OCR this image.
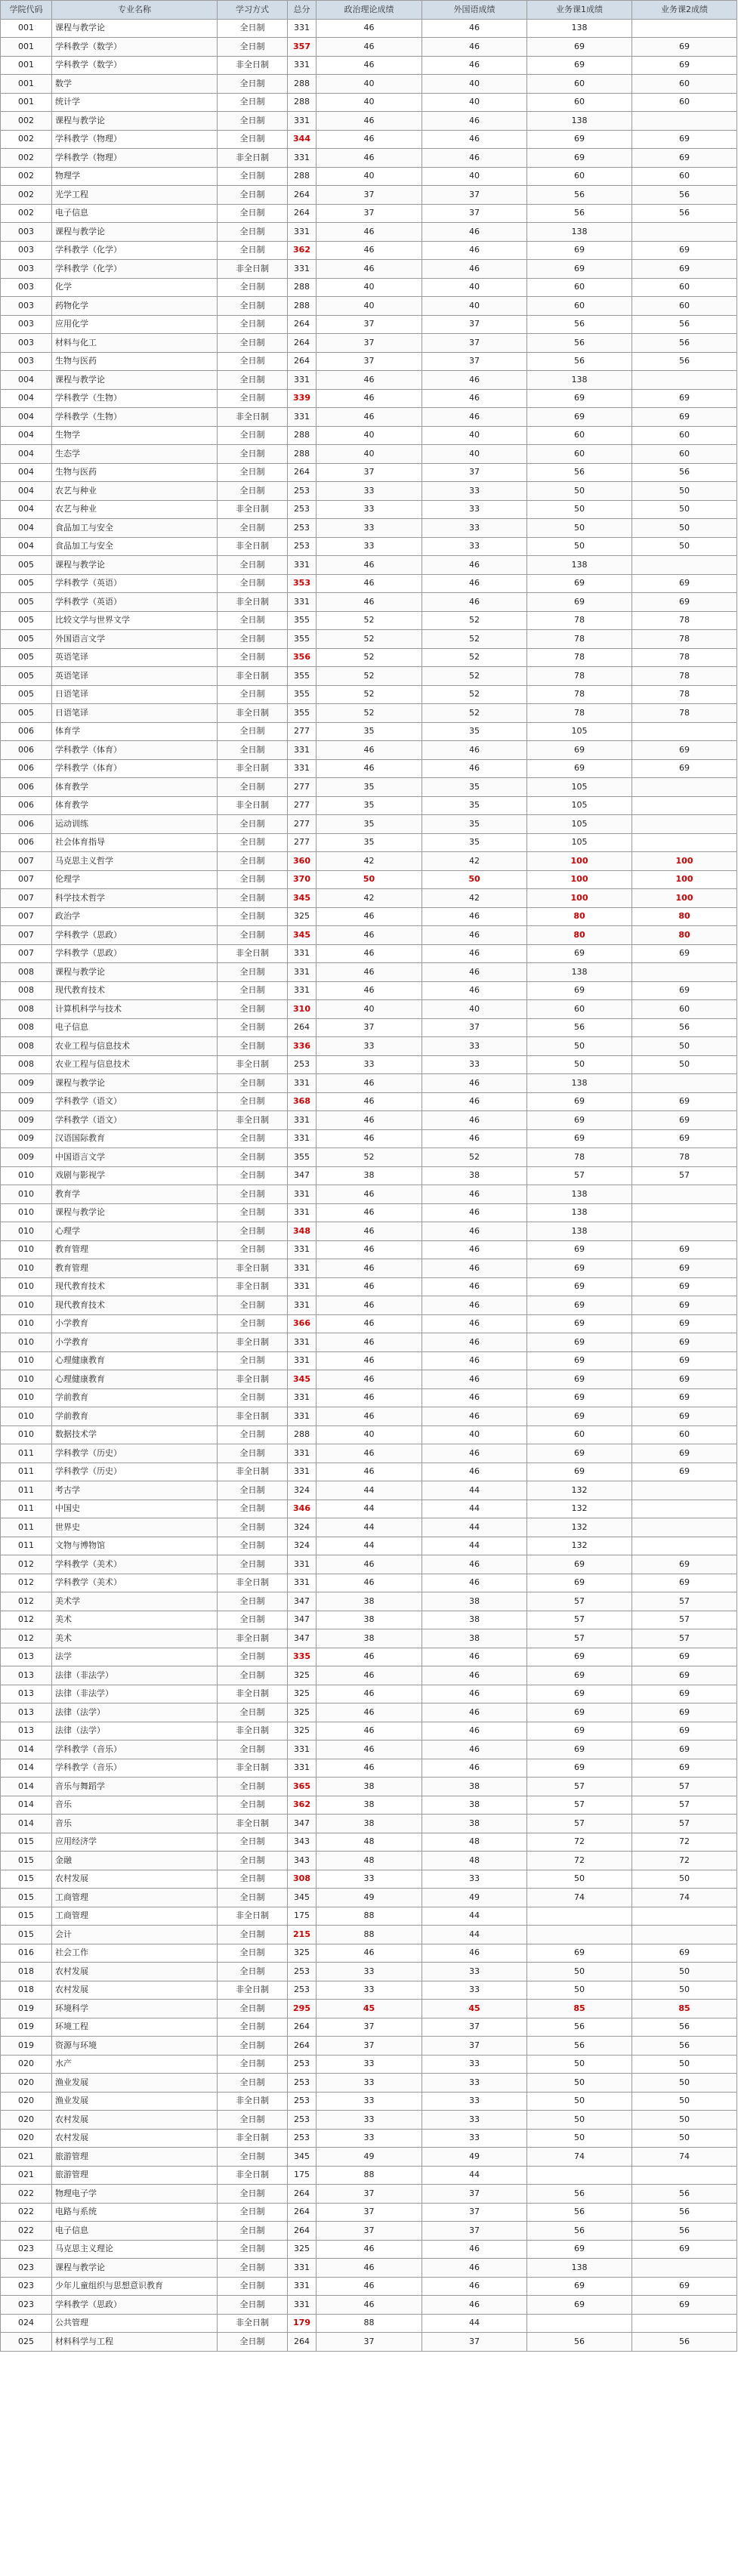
学院代码	专业名称	学习方式	总分	政治理论成绩	外国语成绩	业务课1成绩	业务课2成绩
001	课程与教学论	全日制	331	46	46	138	
001	学科教学（数学）	全日制	357	46	46	69	69
001	学科教学（数学）	非全日制	331	46	46	69	69
001	数学	全日制	288	40	40	60	60
001	统计学	全日制	288	40	40	60	60
002	课程与教学论	全日制	331	46	46	138	
002	学科教学（物理）	全日制	344	46	46	69	69
002	学科教学（物理）	非全日制	331	46	46	69	69
002	物理学	全日制	288	40	40	60	60
002	光学工程	全日制	264	37	37	56	56
002	电子信息	全日制	264	37	37	56	56
003	课程与教学论	全日制	331	46	46	138	
003	学科教学（化学）	全日制	362	46	46	69	69
003	学科教学（化学）	非全日制	331	46	46	69	69
003	化学	全日制	288	40	40	60	60
003	药物化学	全日制	288	40	40	60	60
003	应用化学	全日制	264	37	37	56	56
003	材料与化工	全日制	264	37	37	56	56
003	生物与医药	全日制	264	37	37	56	56
004	课程与教学论	全日制	331	46	46	138	
004	学科教学（生物）	全日制	339	46	46	69	69
004	学科教学（生物）	非全日制	331	46	46	69	69
004	生物学	全日制	288	40	40	60	60
004	生态学	全日制	288	40	40	60	60
004	生物与医药	全日制	264	37	37	56	56
004	农艺与种业	全日制	253	33	33	50	50
004	农艺与种业	非全日制	253	33	33	50	50
004	食品加工与安全	全日制	253	33	33	50	50
004	食品加工与安全	非全日制	253	33	33	50	50
005	课程与教学论	全日制	331	46	46	138	
005	学科教学（英语）	全日制	353	46	46	69	69
005	学科教学（英语）	非全日制	331	46	46	69	69
005	比较文学与世界文学	全日制	355	52	52	78	78
005	外国语言文学	全日制	355	52	52	78	78
005	英语笔译	全日制	356	52	52	78	78
005	英语笔译	非全日制	355	52	52	78	78
005	日语笔译	全日制	355	52	52	78	78
005	日语笔译	非全日制	355	52	52	78	78
006	体育学	全日制	277	35	35	105	
006	学科教学（体育）	全日制	331	46	46	69	69
006	学科教学（体育）	非全日制	331	46	46	69	69
006	体育教学	全日制	277	35	35	105	
006	体育教学	非全日制	277	35	35	105	
006	运动训练	全日制	277	35	35	105	
006	社会体育指导	全日制	277	35	35	105	
007	马克思主义哲学	全日制	360	42	42	100	100
007	伦理学	全日制	370	50	50	100	100
007	科学技术哲学	全日制	345	42	42	100	100
007	政治学	全日制	325	46	46	80	80
007	学科教学（思政）	全日制	345	46	46	80	80
007	学科教学（思政）	非全日制	331	46	46	69	69
008	课程与教学论	全日制	331	46	46	138	
008	现代教育技术	全日制	331	46	46	69	69
008	计算机科学与技术	全日制	310	40	40	60	60
008	电子信息	全日制	264	37	37	56	56
008	农业工程与信息技术	全日制	336	33	33	50	50
008	农业工程与信息技术	非全日制	253	33	33	50	50
009	课程与教学论	全日制	331	46	46	138	
009	学科教学（语文）	全日制	368	46	46	69	69
009	学科教学（语文）	非全日制	331	46	46	69	69
009	汉语国际教育	全日制	331	46	46	69	69
009	中国语言文学	全日制	355	52	52	78	78
010	戏剧与影视学	全日制	347	38	38	57	57
010	教育学	全日制	331	46	46	138	
010	课程与教学论	全日制	331	46	46	138	
010	心理学	全日制	348	46	46	138	
010	教育管理	全日制	331	46	46	69	69
010	教育管理	非全日制	331	46	46	69	69
010	现代教育技术	非全日制	331	46	46	69	69
010	现代教育技术	全日制	331	46	46	69	69
010	小学教育	全日制	366	46	46	69	69
010	小学教育	非全日制	331	46	46	69	69
010	心理健康教育	全日制	331	46	46	69	69
010	心理健康教育	非全日制	345	46	46	69	69
010	学前教育	全日制	331	46	46	69	69
010	学前教育	非全日制	331	46	46	69	69
010	数据技术学	全日制	288	40	40	60	60
011	学科教学（历史）	全日制	331	46	46	69	69
011	学科教学（历史）	非全日制	331	46	46	69	69
011	考古学	全日制	324	44	44	132	
011	中国史	全日制	346	44	44	132	
011	世界史	全日制	324	44	44	132	
011	文物与博物馆	全日制	324	44	44	132	
012	学科教学（美术）	全日制	331	46	46	69	69
012	学科教学（美术）	非全日制	331	46	46	69	69
012	美术学	全日制	347	38	38	57	57
012	美术	全日制	347	38	38	57	57
012	美术	非全日制	347	38	38	57	57
013	法学	全日制	335	46	46	69	69
013	法律（非法学）	全日制	325	46	46	69	69
013	法律（非法学）	非全日制	325	46	46	69	69
013	法律（法学）	全日制	325	46	46	69	69
013	法律（法学）	非全日制	325	46	46	69	69
014	学科教学（音乐）	全日制	331	46	46	69	69
014	学科教学（音乐）	非全日制	331	46	46	69	69
014	音乐与舞蹈学	全日制	365	38	38	57	57
014	音乐	全日制	362	38	38	57	57
014	音乐	非全日制	347	38	38	57	57
015	应用经济学	全日制	343	48	48	72	72
015	金融	全日制	343	48	48	72	72
015	农村发展	全日制	308	33	33	50	50
015	工商管理	全日制	345	49	49	74	74
015	工商管理	非全日制	175	88	44		
015	会计	全日制	215	88	44		
016	社会工作	全日制	325	46	46	69	69
018	农村发展	全日制	253	33	33	50	50
018	农村发展	非全日制	253	33	33	50	50
019	环境科学	全日制	295	45	45	85	85
019	环境工程	全日制	264	37	37	56	56
019	资源与环境	全日制	264	37	37	56	56
020	水产	全日制	253	33	33	50	50
020	渔业发展	全日制	253	33	33	50	50
020	渔业发展	非全日制	253	33	33	50	50
020	农村发展	全日制	253	33	33	50	50
020	农村发展	非全日制	253	33	33	50	50
021	旅游管理	全日制	345	49	49	74	74
021	旅游管理	非全日制	175	88	44		
022	物理电子学	全日制	264	37	37	56	56
022	电路与系统	全日制	264	37	37	56	56
022	电子信息	全日制	264	37	37	56	56
023	马克思主义理论	全日制	325	46	46	69	69
023	课程与教学论	全日制	331	46	46	138	
023	少年儿童组织与思想意识教育	全日制	331	46	46	69	69
023	学科教学（思政）	全日制	331	46	46	69	69
024	公共管理	非全日制	179	88	44		
025	材料科学与工程	全日制	264	37	37	56	56
